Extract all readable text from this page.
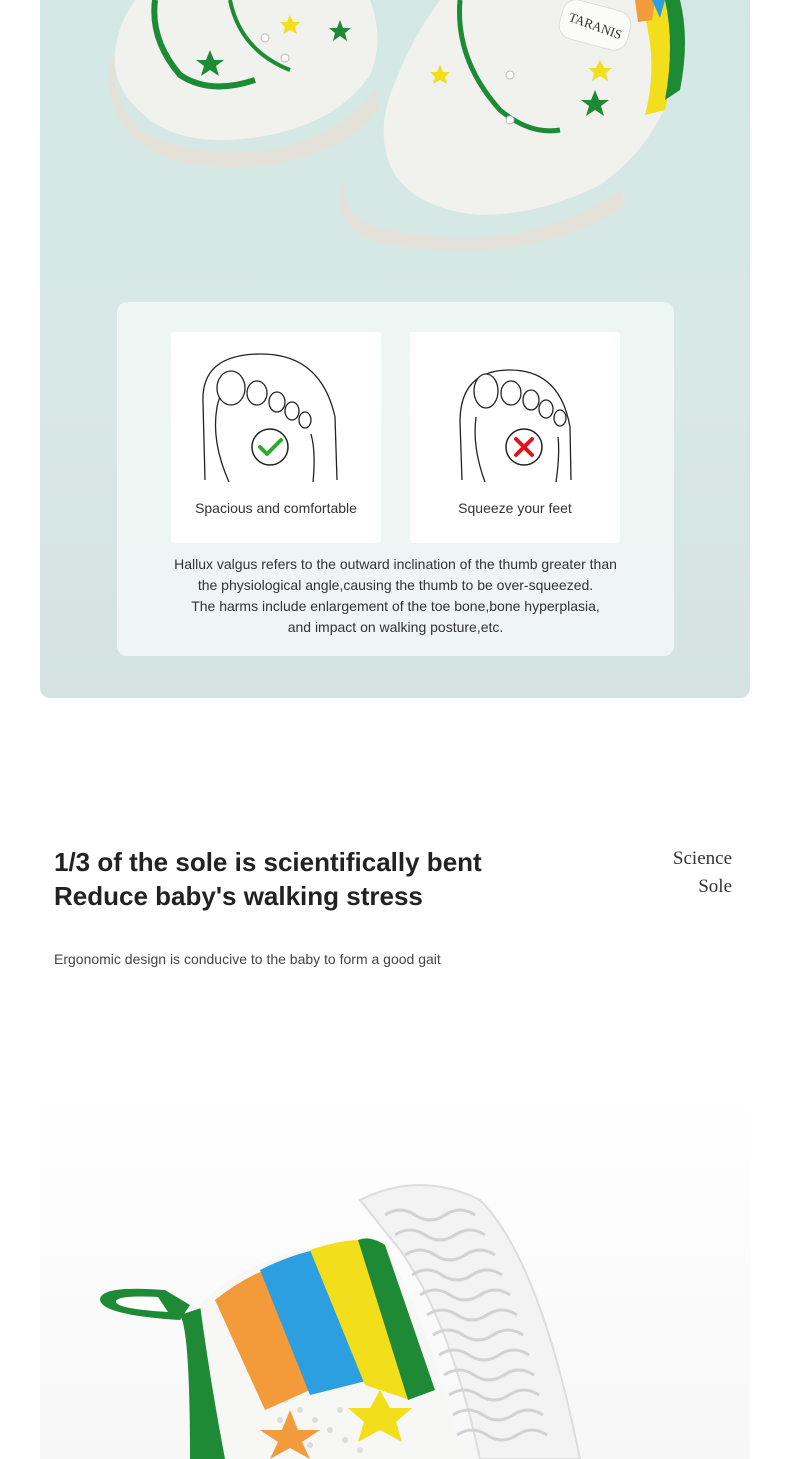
TARANIS
Spacious and comfortable	Squeeze your feet
Hallux valgus refers to the outward inclination of the thumb greater than
the physiological angle,causing the thumb to be over-squeezed.
The harms include enlargement of the toe bone,bone hyperplasia,
and impact on walking posture,etc.
1/3 of the sole is scientifically bent
Reduce baby's walking stress
Science
Sole

Ergonomic design is conducive to the baby to form a good gait
